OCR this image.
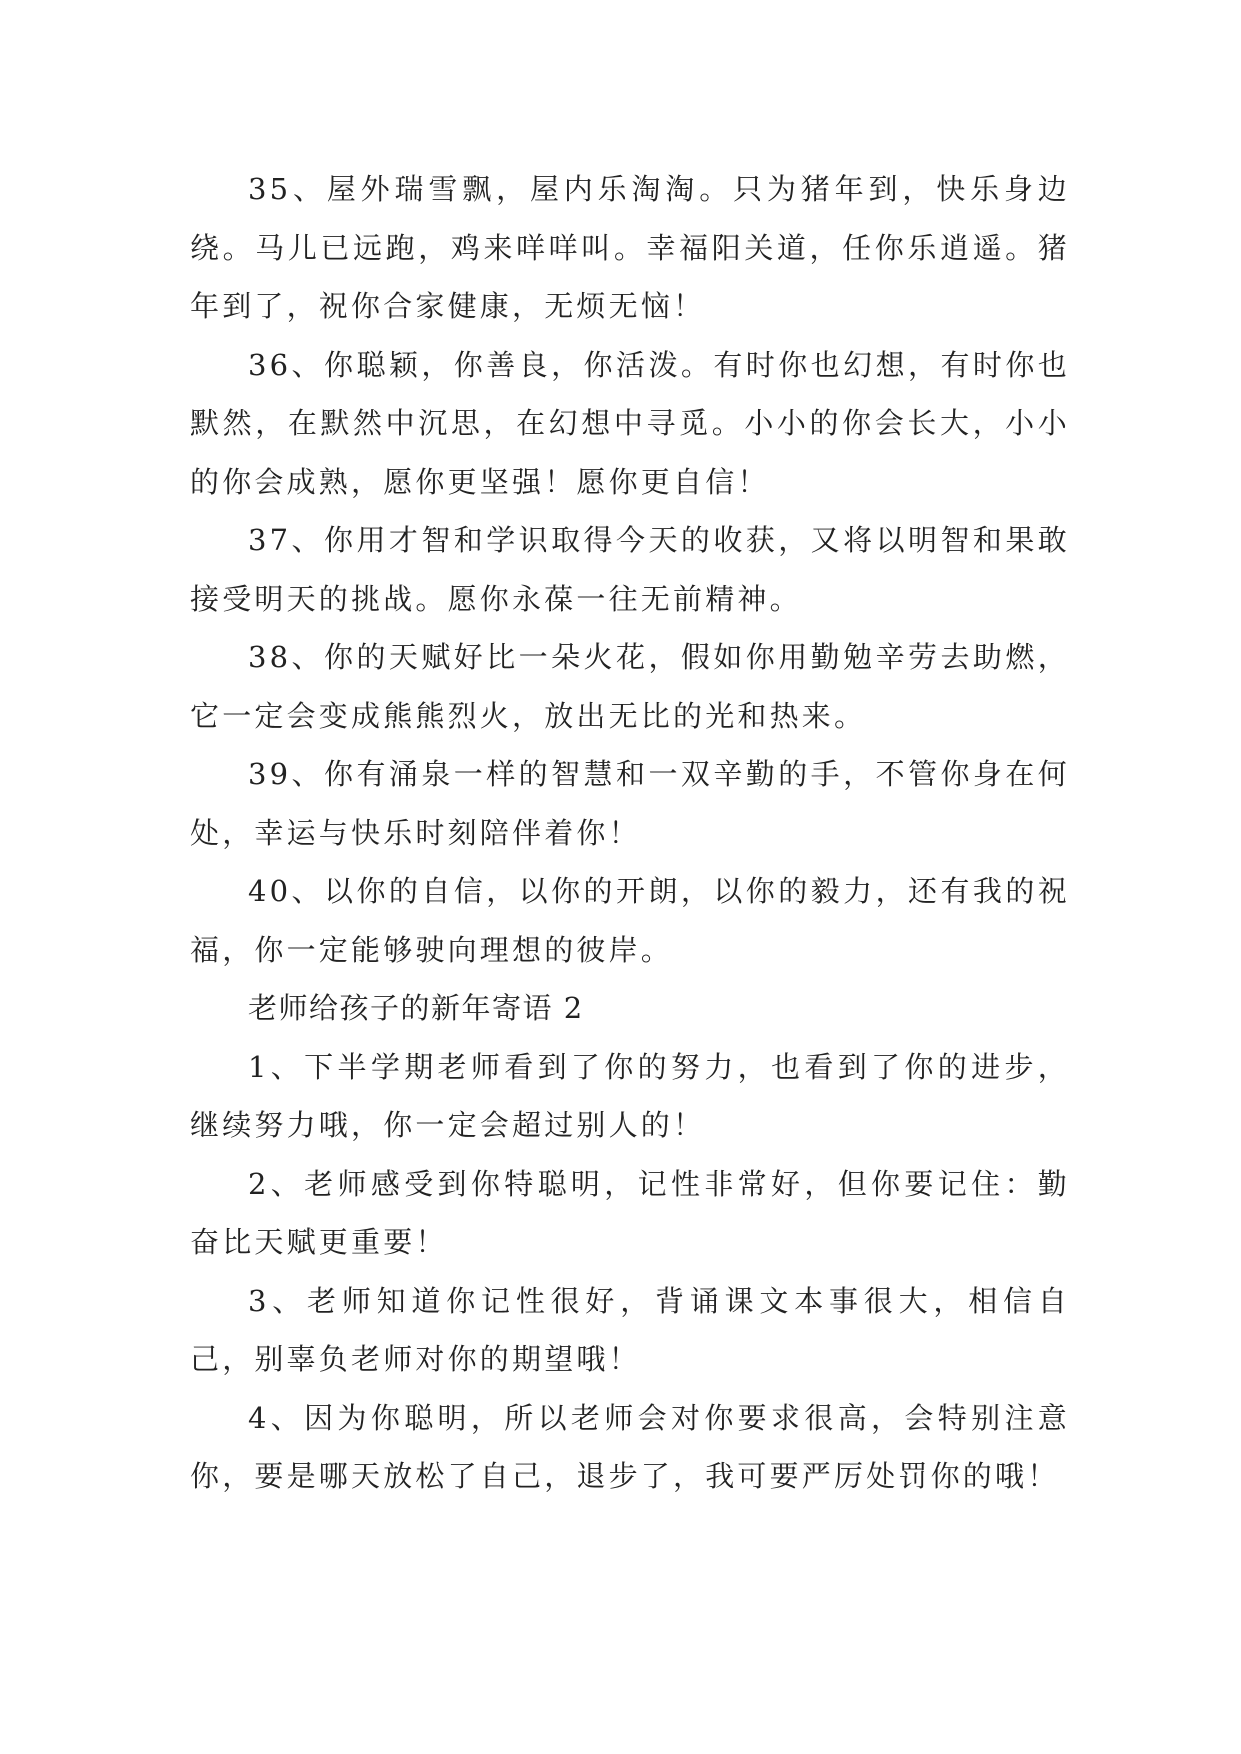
35、屋外瑞雪飘，屋内乐淘淘。只为猪年到，快乐身边绕。马儿已远跑，鸡来咩咩叫。幸福阳关道，任你乐逍遥。猪年到了，祝你合家健康，无烦无恼！

36、你聪颖，你善良，你活泼。有时你也幻想，有时你也默然，在默然中沉思，在幻想中寻觅。小小的你会长大，小小的你会成熟，愿你更坚强！愿你更自信！

37、你用才智和学识取得今天的收获，又将以明智和果敢接受明天的挑战。愿你永葆一往无前精神。

38、你的天赋好比一朵火花，假如你用勤勉辛劳去助燃，它一定会变成熊熊烈火，放出无比的光和热来。

39、你有涌泉一样的智慧和一双辛勤的手，不管你身在何处，幸运与快乐时刻陪伴着你！

40、以你的自信，以你的开朗，以你的毅力，还有我的祝福，你一定能够驶向理想的彼岸。

老师给孩子的新年寄语 2

1、下半学期老师看到了你的努力，也看到了你的进步，继续努力哦，你一定会超过别人的！

2、老师感受到你特聪明，记性非常好，但你要记住：勤奋比天赋更重要！

3、老师知道你记性很好，背诵课文本事很大，相信自己，别辜负老师对你的期望哦！

4、因为你聪明，所以老师会对你要求很高，会特别注意你，要是哪天放松了自己，退步了，我可要严厉处罚你的哦！
